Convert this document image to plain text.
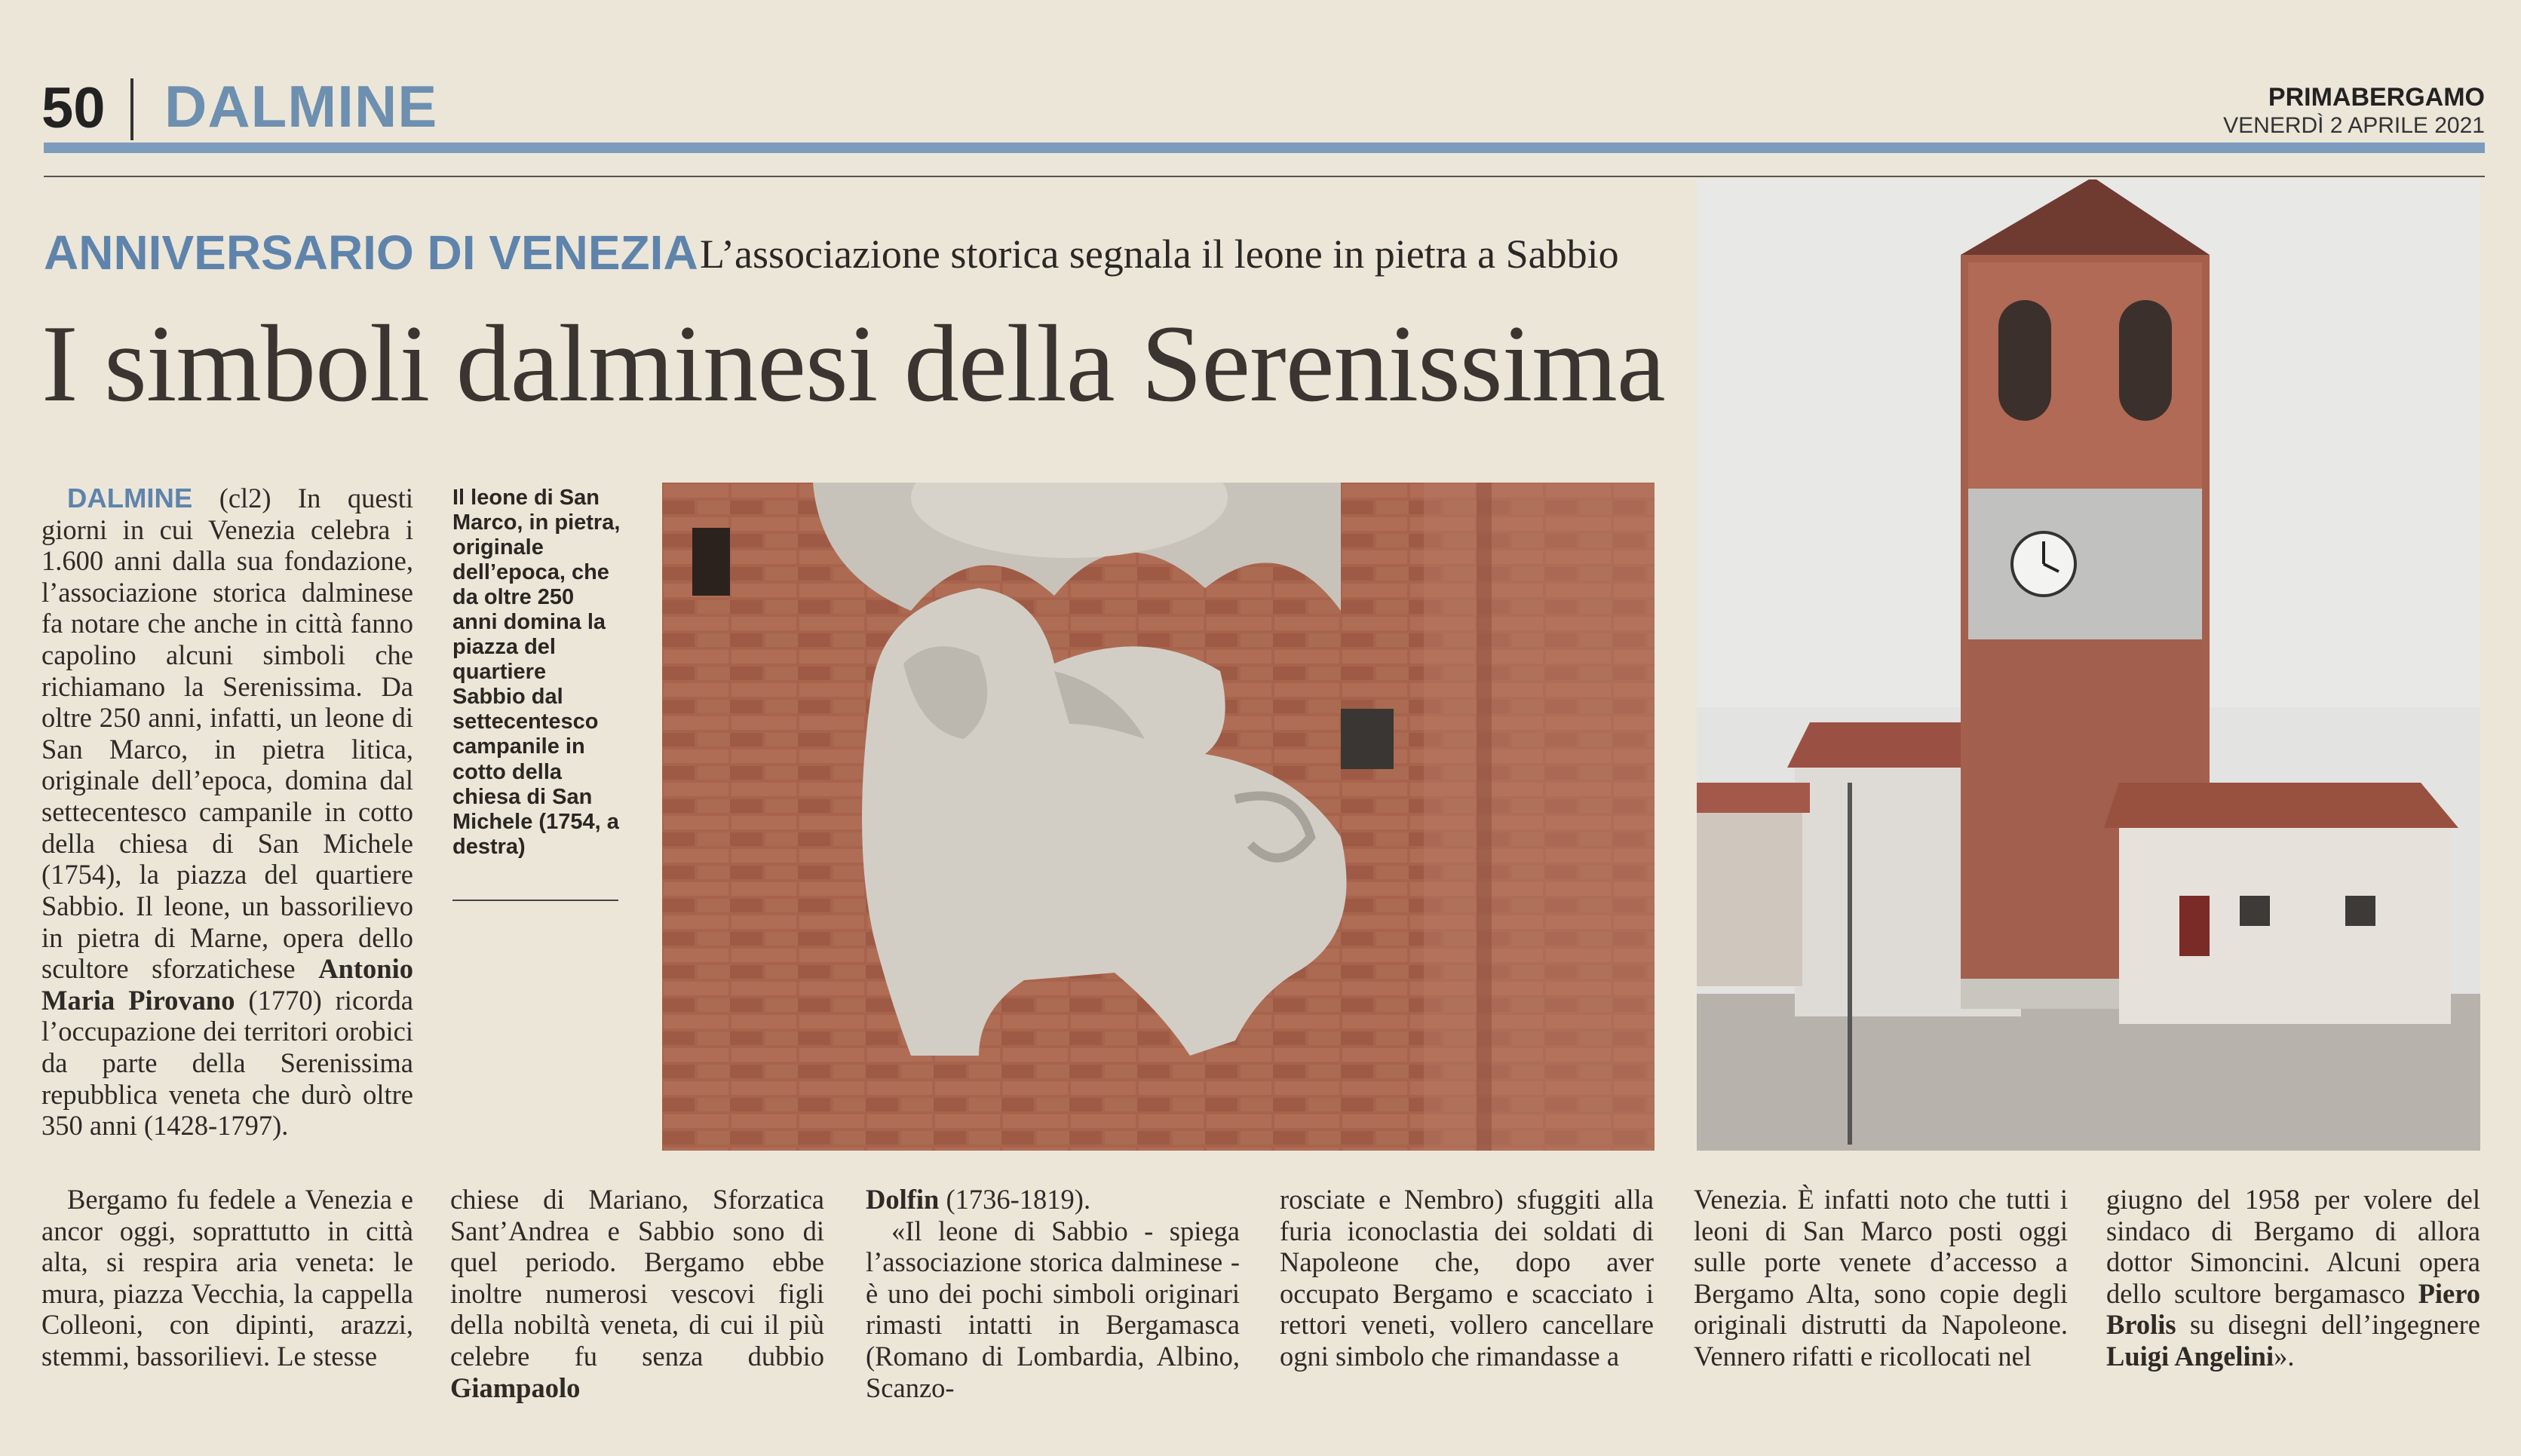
50 DALMINE	PRIMABERGAMO
VENERDÌ 2 APRILE 2021
ANNIVERSARIO DI VENEZIA L’associazione storica segnala il leone in pietra a Sabbio
I simboli dalminesi della Serenissima

DALMINE (cl2) In questi giorni in cui Venezia celebra i 1.600 anni dalla sua fondazione, l’associazione storica dalminese fa notare che anche in città fanno capolino alcuni simboli che richiamano la Serenissima. Da oltre 250 anni, infatti, un leone di San Marco, in pietra litica, originale dell’epoca, domina dal settecentesco campanile in cotto della chiesa di San Michele (1754), la piazza del quartiere Sabbio. Il leone, un bassorilievo in pietra di Marne, opera dello scultore sforzatichese Antonio Maria Pirovano (1770) ricorda l’occupazione dei territori orobici da parte della Serenissima repubblica veneta che durò oltre 350 anni (1428-1797).

Bergamo fu fedele a Venezia e ancor oggi, soprattutto in città alta, si respira aria veneta: le mura, piazza Vecchia, la cappella Colleoni, con dipinti, arazzi, stemmi, bassorilievi. Le stesse

Il leone di San Marco, in pietra, originale dell’epoca, che da oltre 250 anni domina la piazza del quartiere Sabbio dal settecentesco campanile in cotto della chiesa di San Michele (1754, a destra)

chiese di Mariano, Sforzatica Sant’Andrea e Sabbio sono di quel periodo. Bergamo ebbe inoltre numerosi vescovi figli della nobiltà veneta, di cui il più celebre fu senza dubbio Giampaolo

Dolfin (1736-1819).

«Il leone di Sabbio - spiega l’associazione storica dalminese - è uno dei pochi simboli originari rimasti intatti in Bergamasca (Romano di Lombardia, Albino, Scanzo-

rosciate e Nembro) sfuggiti alla furia iconoclastia dei soldati di Napoleone che, dopo aver occupato Bergamo e scacciato i rettori veneti, vollero cancellare ogni simbolo che rimandasse a

Venezia. È infatti noto che tutti i leoni di San Marco posti oggi sulle porte venete d’accesso a Bergamo Alta, sono copie degli originali distrutti da Napoleone. Vennero rifatti e ricollocati nel

giugno del 1958 per volere del sindaco di Bergamo di allora dottor Simoncini. Alcuni opera dello scultore bergamasco Piero Brolis su disegni dell’ingegnere Luigi Angelini».
